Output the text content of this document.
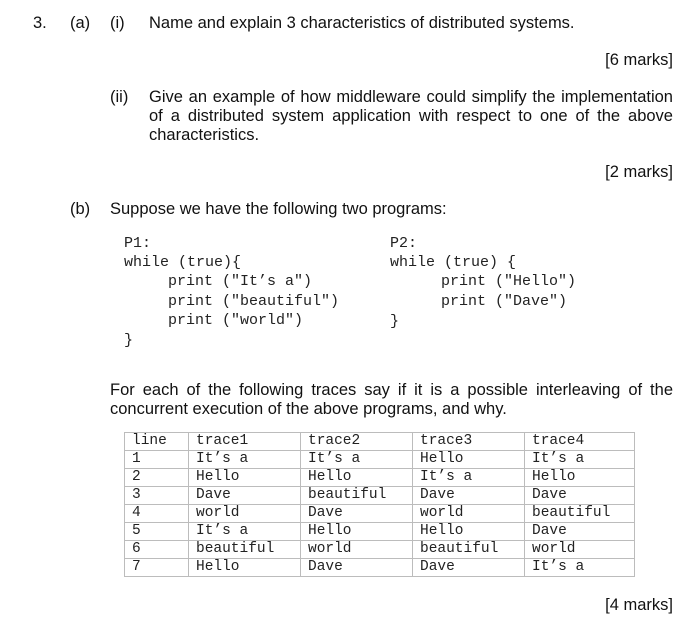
3. (a) (i) Name and explain 3 characteristics of distributed systems.
[6 marks]
(ii) Give an example of how middleware could simplify the implementation of a distributed system application with respect to one of the above characteristics.
[2 marks]
(b) Suppose we have the following two programs:
P1:
while (true){
print ("It’s a")
print ("beautiful")
print ("world")
}
P2:
while (true) {
print ("Hello")
print ("Dave")
}
For each of the following traces say if it is a possible interleaving of the concurrent execution of the above programs, and why.
line	trace1	trace2	trace3	trace4
1	It’s a	It’s a	Hello	It’s a
2	Hello	Hello	It’s a	Hello
3	Dave	beautiful	Dave	Dave
4	world	Dave	world	beautiful
5	It’s a	Hello	Hello	Dave
6	beautiful	world	beautiful	world
7	Hello	Dave	Dave	It’s a
[4 marks]
